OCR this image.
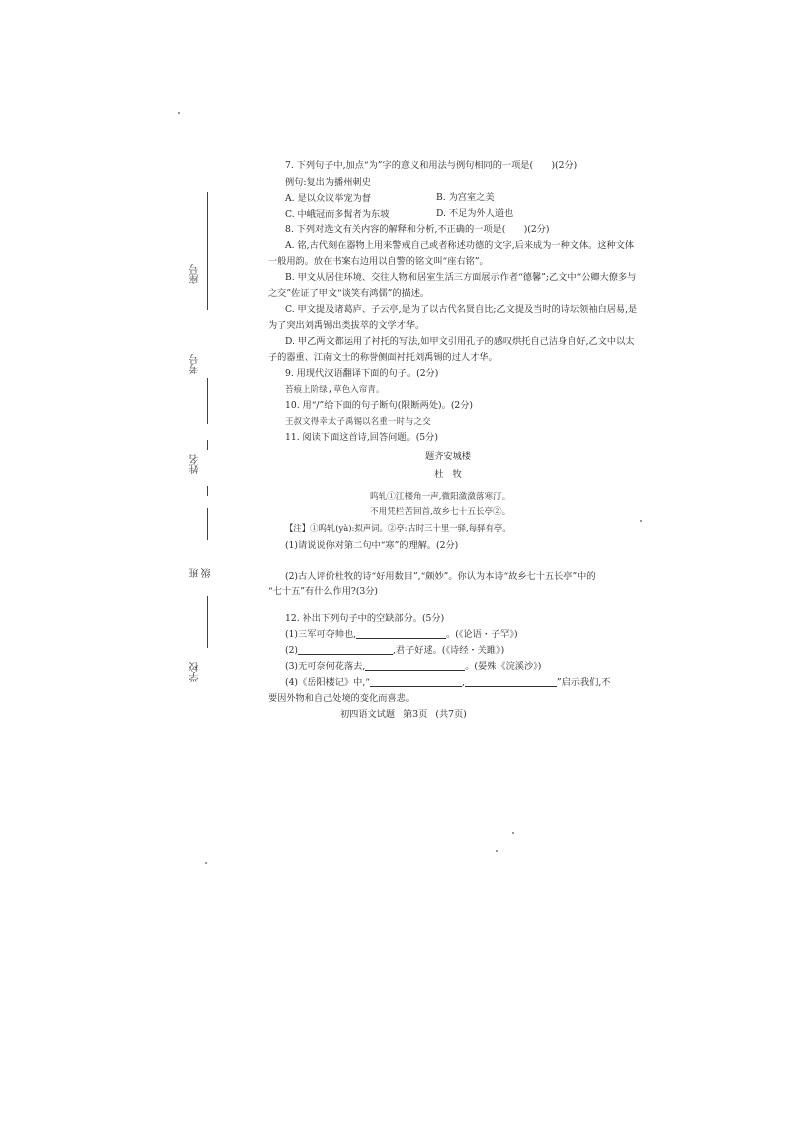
座号
考号
姓名
班级
学校
7. 下列句子中,加点“为”字的意义和用法与例句相同的一项是(　　)(2分)
例句:复出为播州刺史
A. 是以众议举宠为督	B. 为宫室之美
C. 中峨冠而多髯者为东坡	D. 不足为外人道也
8. 下列对选文有关内容的解释和分析,不正确的一项是(　　)(2分)
A. 铭,古代刻在器物上用来警戒自己或者称述功德的文字,后来成为一种文体。这种文体一般用韵。放在书案右边用以自警的铭文叫“座右铭”。
B. 甲文从居住环境、交往人物和居室生活三方面展示作者“德馨”;乙文中“公卿大僚多与之交”佐证了甲文“谈笑有鸿儒”的描述。
C. 甲文提及诸葛庐、子云亭,是为了以古代名贤自比;乙文提及当时的诗坛领袖白居易,是为了突出刘禹锡出类拔萃的文学才华。
D. 甲乙两文都运用了衬托的写法,如甲文引用孔子的感叹烘托自己洁身自好,乙文中以太子的器重、江南文士的称誉侧面衬托刘禹锡的过人才华。
9. 用现代汉语翻译下面的句子。(2分)
苔痕上阶绿,草色入帘青。
10. 用“/”给下面的句子断句(限断两处)。(2分)
王叔文得幸太子禹锡以名重一时与之交
11. 阅读下面这首诗,回答问题。(5分)
题齐安城楼
杜　牧
呜轧①江楼角一声,微阳潋潋落寒汀。
不用凭栏苦回首,故乡七十五长亭②。
【注】①呜轧(yà):拟声词。②亭:古时三十里一驿,每驿有亭。
(1)请说说你对第二句中“寒”的理解。(2分)
(2)古人评价杜牧的诗“好用数目”,“颇妙”。你认为本诗“故乡七十五长亭”中的
“七十五”有什么作用?(3分)
12. 补出下列句子中的空缺部分。(5分)
(1)三军可夺帅也,	。(《论语・子罕》)
(2)	,君子好逑。(《诗经・关雎》)
(3)无可奈何花落去,	。(晏殊《浣溪沙》)
(4)《岳阳楼记》中,“	,	”启示我们,不
要因外物和自己处境的变化而喜悲。
初四语文试题 第3页 (共7页)
